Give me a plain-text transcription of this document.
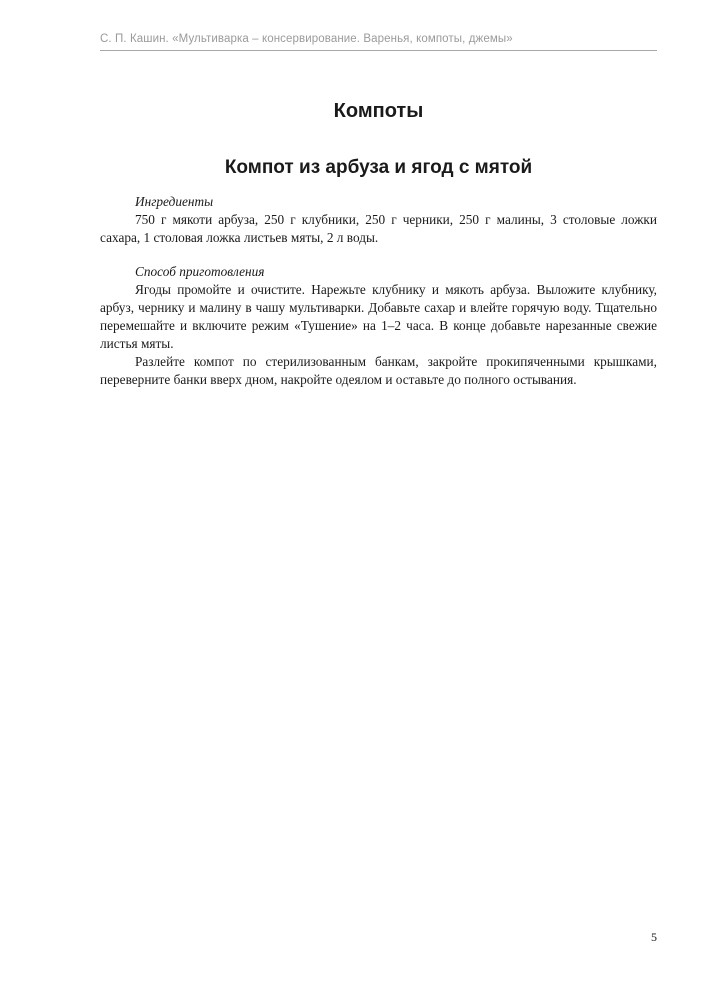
С. П. Кашин. «Мультиварка – консервирование. Варенья, компоты, джемы»
Компоты
Компот из арбуза и ягод с мятой

Ингредиенты

750 г мякоти арбуза, 250 г клубники, 250 г черники, 250 г малины, 3 столовые ложки сахара, 1 столовая ложка листьев мяты, 2 л воды.

Способ приготовления

Ягоды промойте и очистите. Нарежьте клубнику и мякоть арбуза. Выложите клубнику, арбуз, чернику и малину в чашу мультиварки. Добавьте сахар и влейте горячую воду. Тщательно перемешайте и включите режим «Тушение» на 1–2 часа. В конце добавьте нарезанные свежие листья мяты.

Разлейте компот по стерилизованным банкам, закройте прокипяченными крышками, переверните банки вверх дном, накройте одеялом и оставьте до полного остывания.

5
